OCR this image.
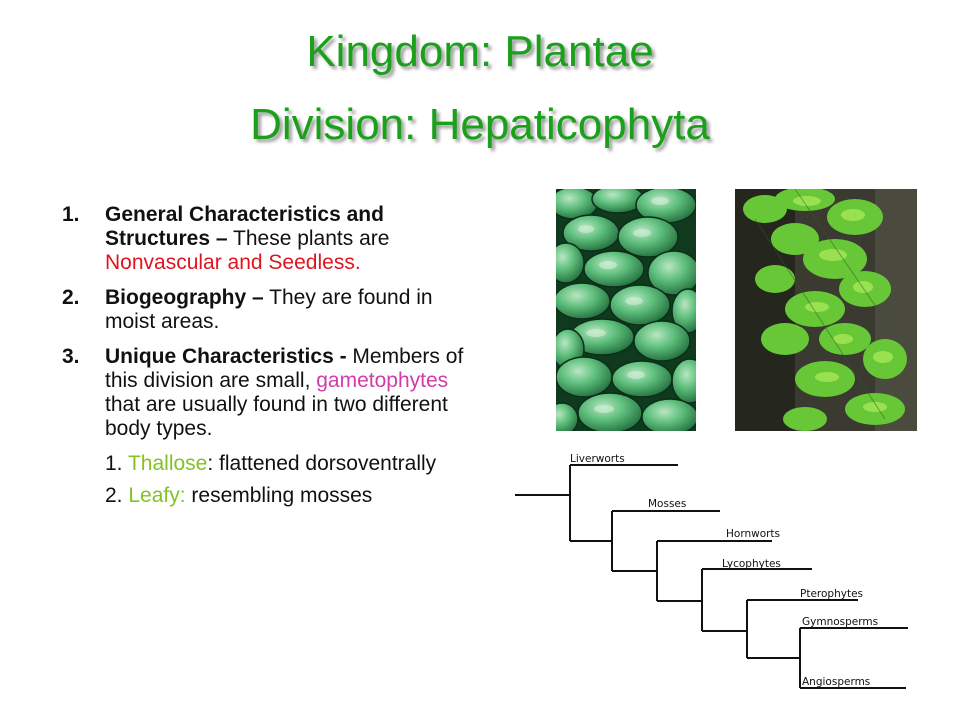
Kingdom: Plantae
Division: Hepaticophyta
1. General Characteristics and Structures – These plants are Nonvascular and Seedless.
2. Biogeography – They are found in moist areas.
3. Unique Characteristics - Members of this division are small, gametophytes that are usually found in two different body types.
1. Thallose: flattened dorsoventrally
2. Leafy: resembling mosses
Liverworts
Mosses
Hornworts
Lycophytes
Pterophytes
Gymnosperms
Angiosperms
